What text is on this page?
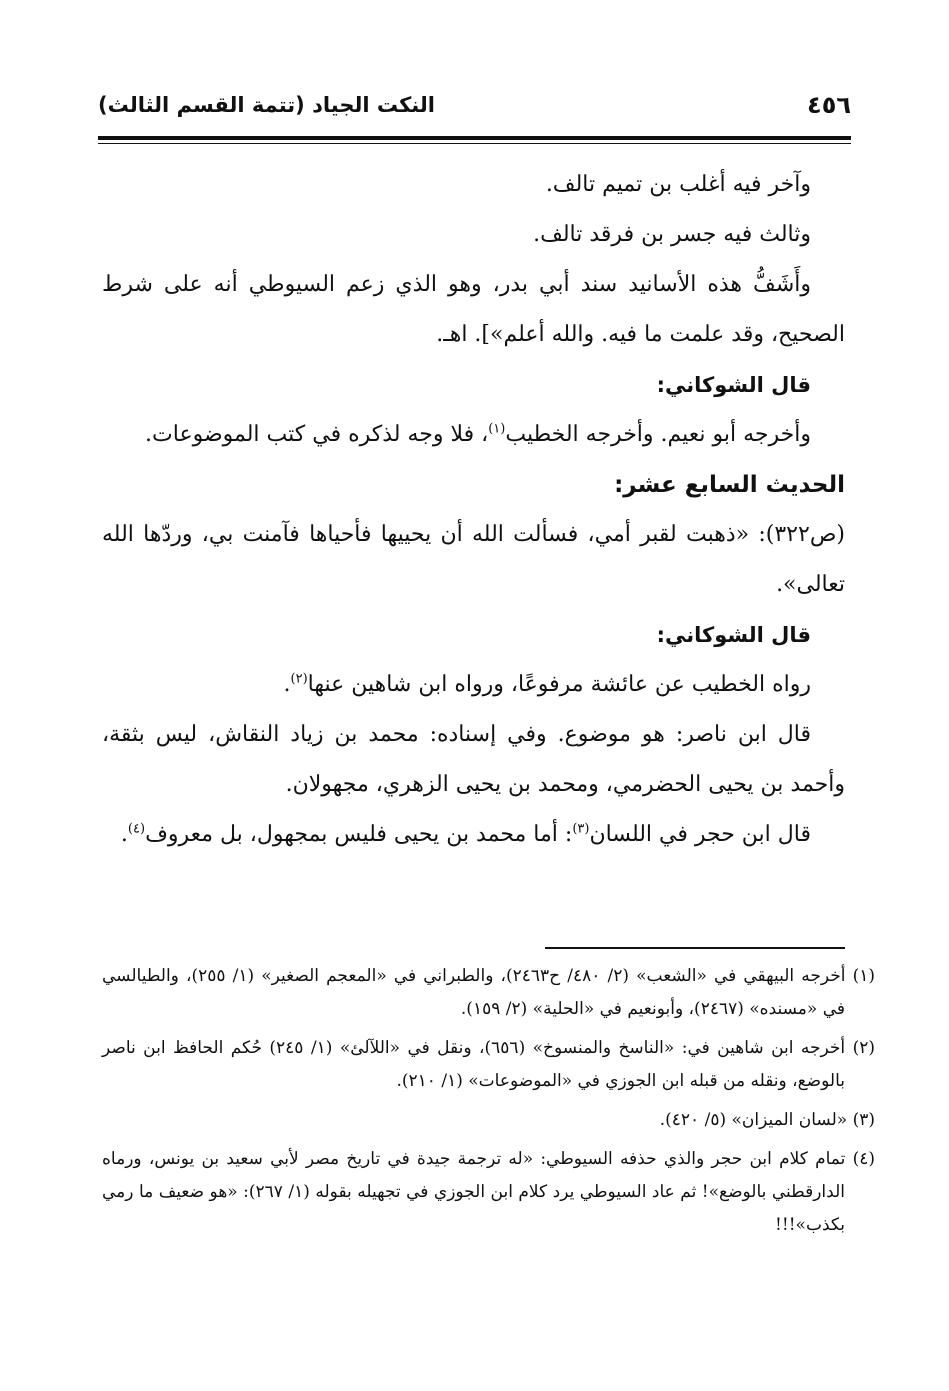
النكت الجياد (تتمة القسم الثالث)	٤٥٦

وآخر فيه أغلب بن تميم تالف.

وثالث فيه جسر بن فرقد تالف.

وأَشَفُّ هذه الأسانيد سند أبي بدر، وهو الذي زعم السيوطي أنه على شرط الصحيح، وقد علمت ما فيه. والله أعلم»]. اهـ.

قال الشوكاني:

وأخرجه أبو نعيم. وأخرجه الخطيب$^{(١)}$، فلا وجه لذكره في كتب الموضوعات.

الحديث السابع عشر:

(ص٣٢٢): «ذهبت لقبر أمي، فسألت الله أن يحييها فأحياها فآمنت بي، وردّها الله تعالى».

قال الشوكاني:

رواه الخطيب عن عائشة مرفوعًا، ورواه ابن شاهين عنها$^{(٢)}$.

قال ابن ناصر: هو موضوع. وفي إسناده: محمد بن زياد النقاش، ليس بثقة، وأحمد بن يحيى الحضرمي، ومحمد بن يحيى الزهري، مجهولان.

قال ابن حجر في اللسان$^{(٣)}$: أما محمد بن يحيى فليس بمجهول، بل معروف$^{(٤)}$.

(١) أخرجه البيهقي في «الشعب» (٢/ ٤٨٠/ ح٢٤٦٣)، والطبراني في «المعجم الصغير» (١/ ٢٥٥)، والطيالسي في «مسنده» (٢٤٦٧)، وأبونعيم في «الحلية» (٢/ ١٥٩).

(٢) أخرجه ابن شاهين في: «الناسخ والمنسوخ» (٦٥٦)، ونقل في «اللآلئ» (١/ ٢٤٥) حُكم الحافظ ابن ناصر بالوضع، ونقله من قبله ابن الجوزي في «الموضوعات» (١/ ٢١٠).

(٣) «لسان الميزان» (٥/ ٤٢٠).

(٤) تمام كلام ابن حجر والذي حذفه السيوطي: «له ترجمة جيدة في تاريخ مصر لأبي سعيد بن يونس، ورماه الدارقطني بالوضع»! ثم عاد السيوطي يرد كلام ابن الجوزي في تجهيله بقوله (١/ ٢٦٧): «هو ضعيف ما رمي بكذب»!!!
